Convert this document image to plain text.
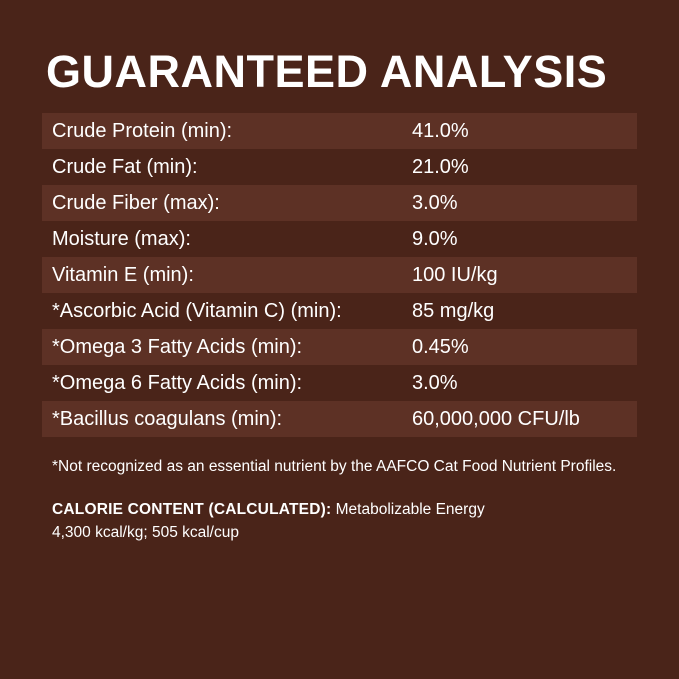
GUARANTEED ANALYSIS
Crude Protein (min):	41.0%
Crude Fat (min):	21.0%
Crude Fiber (max):	3.0%
Moisture (max):	9.0%
Vitamin E (min):	100 IU/kg
*Ascorbic Acid (Vitamin C) (min):	85 mg/kg
*Omega 3 Fatty Acids (min):	0.45%
*Omega 6 Fatty Acids (min):	3.0%
*Bacillus coagulans (min):	60,000,000 CFU/lb
*Not recognized as an essential nutrient by the AAFCO Cat Food Nutrient Profiles.
CALORIE CONTENT (CALCULATED): Metabolizable Energy
4,300 kcal/kg; 505 kcal/cup
